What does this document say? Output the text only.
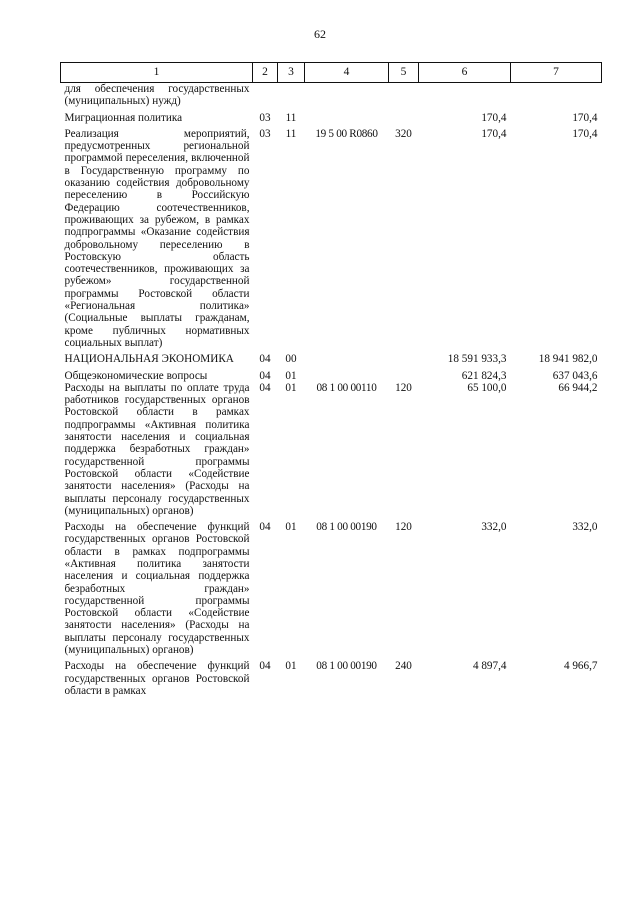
62
1	2	3	4	5	6	7
для обеспечения государственных (муниципальных) нужд)						
Миграционная политика	03	11			170,4	170,4
Реализация мероприятий, предусмотренных региональной программой переселения, включенной в Государственную программу по оказанию содействия добровольному переселению в Российскую Федерацию соотечественников, проживающих за рубежом, в рамках подпрограммы «Оказание содействия добровольному переселению в Ростовскую область соотечественников, проживающих за рубежом» государственной программы Ростовской области «Региональная политика» (Социальные выплаты гражданам, кроме публичных нормативных социальных выплат)	03	11	19 5 00 R0860	320	170,4	170,4
НАЦИОНАЛЬНАЯ ЭКОНОМИКА	04	00			18 591 933,3	18 941 982,0
Общеэкономические вопросы	04	01			621 824,3	637 043,6
Расходы на выплаты по оплате труда работников государственных органов Ростовской области в рамках подпрограммы «Активная политика занятости населения и социальная поддержка безработных граждан» государственной программы Ростовской области «Содействие занятости населения» (Расходы на выплаты персоналу государственных (муниципальных) органов)	04	01	08 1 00 00110	120	65 100,0	66 944,2
Расходы на обеспечение функций государственных органов Ростовской области в рамках подпрограммы «Активная политика занятости населения и социальная поддержка безработных граждан» государственной программы Ростовской области «Содействие занятости населения» (Расходы на выплаты персоналу государственных (муниципальных) органов)	04	01	08 1 00 00190	120	332,0	332,0
Расходы на обеспечение функций государственных органов Ростовской области в рамках	04	01	08 1 00 00190	240	4 897,4	4 966,7
